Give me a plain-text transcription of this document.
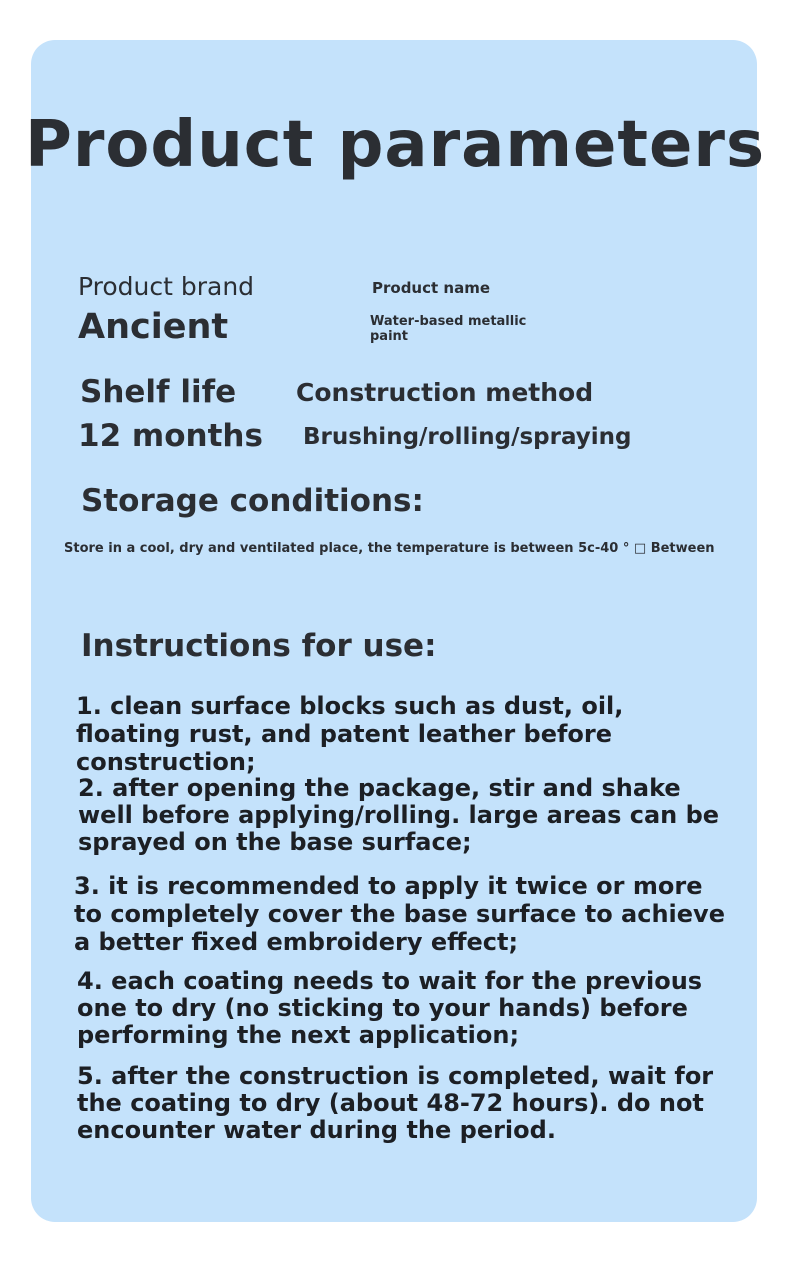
Product parameters
Product brand
Ancient
Product name
Water-based metallic paint
Shelf life
12 months
Construction method
Brushing/rolling/spraying
Storage conditions:
Store in a cool, dry and ventilated place, the temperature is between 5c-40 ° □ Between
Instructions for use:
1. clean surface blocks such as dust, oil, floating rust, and patent leather before construction;
2. after opening the package, stir and shake well before applying/rolling. large areas can be sprayed on the base surface;
3. it is recommended to apply it twice or more to completely cover the base surface to achieve a better fixed embroidery effect;
4. each coating needs to wait for the previous one to dry (no sticking to your hands) before performing the next application;
5. after the construction is completed, wait for the coating to dry (about 48-72 hours). do not encounter water during the period.
